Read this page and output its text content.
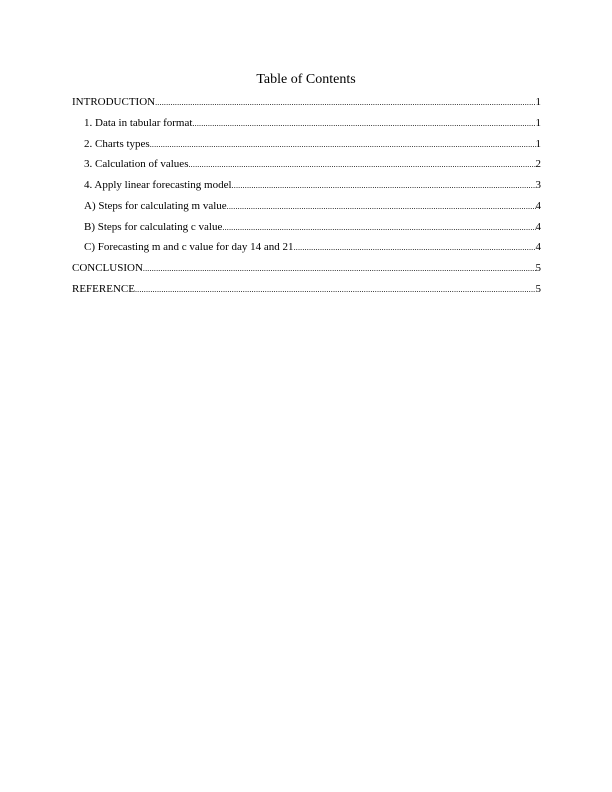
Table of Contents
INTRODUCTION .....	1
1. Data in tabular format .....	1
2. Charts types .....	1
3. Calculation of values .....	2
4. Apply linear forecasting model .....	3
A) Steps for calculating m value .....	4
B) Steps for calculating c value .....	4
C) Forecasting m and c value for day 14 and 21 .....	4
CONCLUSION .....	5
REFERENCE .....	5
